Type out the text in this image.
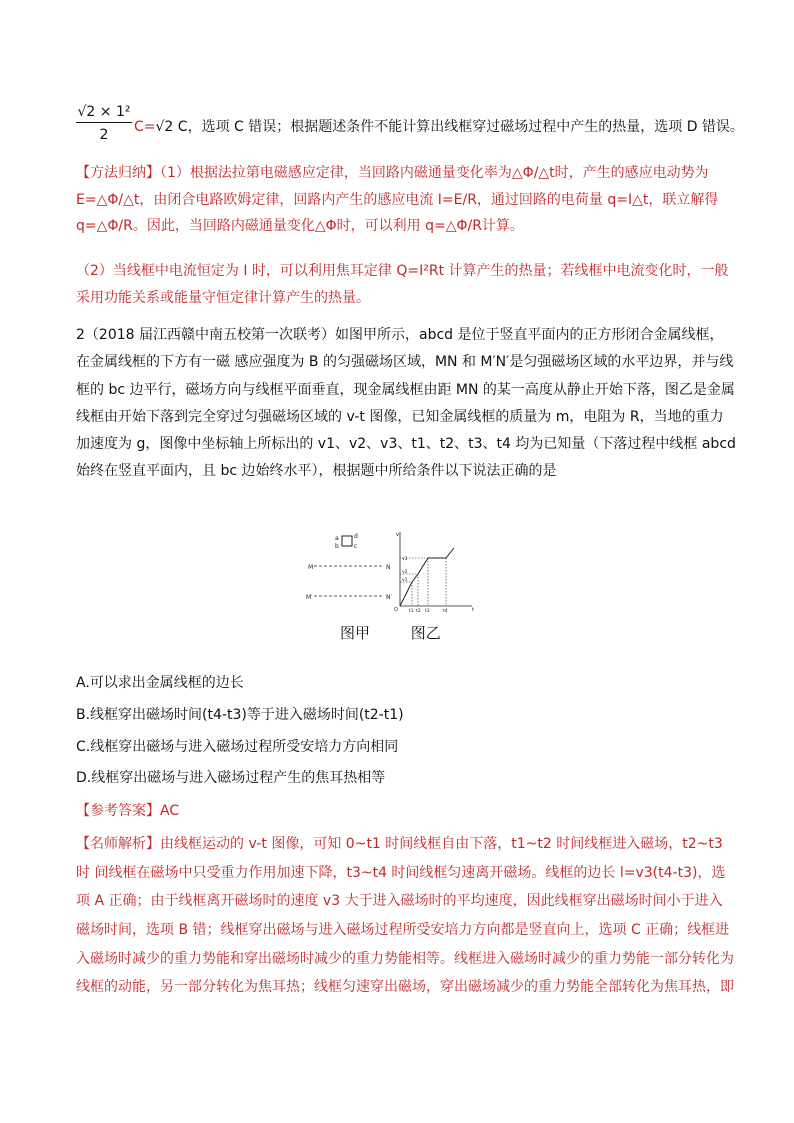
$\frac{\text{√2 × 1²}}{2} C=√2$ C，选项 C 错误；根据题述条件不能计算出线框穿过磁场过程中产生的热量，选项 D 错误。
【方法归纳】（1）根据法拉第电磁感应定律，当回路内磁通量变化率为△Φ/△t时，产生的感应电动势为 E=△Φ/△t，由闭合电路欧姆定律，回路内产生的感应电流 I=E/R，通过回路的电荷量 q=I△t，联立解得 q=△Φ/R。因此，当回路内磁通量变化△Φ时，可以利用 q=△Φ/R计算。
（2）当线框中电流恒定为 I 时，可以利用焦耳定律 Q=I²Rt 计算产生的热量；若线框中电流变化时，一般采用功能关系或能量守恒定律计算产生的热量。
2（2018 届江西赣中南五校第一次联考）如图甲所示，abcd 是位于竖直平面内的正方形闭合金属线框，在金属线框的下方有一磁 感应强度为 B 的匀强磁场区域，MN 和 M′N′是匀强磁场区域的水平边界，并与线框的 bc 边平行，磁场方向与线框平面垂直，现金属线框由距 MN 的某一高度从静止开始下落，图乙是金属线框由开始下落到完全穿过匀强磁场区域的 v-t 图像，已知金属线框的质量为 m，电阻为 R，当地的重力加速度为 g，图像中坐标轴上所标出的 v1、v2、v3、t1、t2、t3、t4 均为已知量（下落过程中线框 abcd 始终在竖直平面内，且 bc 边始终水平），根据题中所给条件以下说法正确的是
a
b
d
c
M	N
M′	N′
O
v
t
v3
v2
v1
t1 t2 t3	t4
图甲	图乙
A.可以求出金属线框的边长
B.线框穿出磁场时间(t4-t3)等于进入磁场时间(t2-t1)
C.线框穿出磁场与进入磁场过程所受安培力方向相同
D.线框穿出磁场与进入磁场过程产生的焦耳热相等
【参考答案】AC
【名师解析】由线框运动的 v-t 图像，可知 0~t1 时间线框自由下落，t1~t2 时间线框进入磁场，t2~t3 时 间线框在磁场中只受重力作用加速下降，t3~t4 时间线框匀速离开磁场。线框的边长 l=v3(t4-t3)，选项 A 正确；由于线框离开磁场时的速度 v3 大于进入磁场时的平均速度，因此线框穿出磁场时间小于进入磁场时间，选项 B 错；线框穿出磁场与进入磁场过程所受安培力方向都是竖直向上，选项 C 正确；线框进入磁场时减少的重力势能和穿出磁场时减少的重力势能相等。线框进入磁场时减少的重力势能一部分转化为线框的动能，另一部分转化为焦耳热；线框匀速穿出磁场，穿出磁场减少的重力势能全部转化为焦耳热，即
